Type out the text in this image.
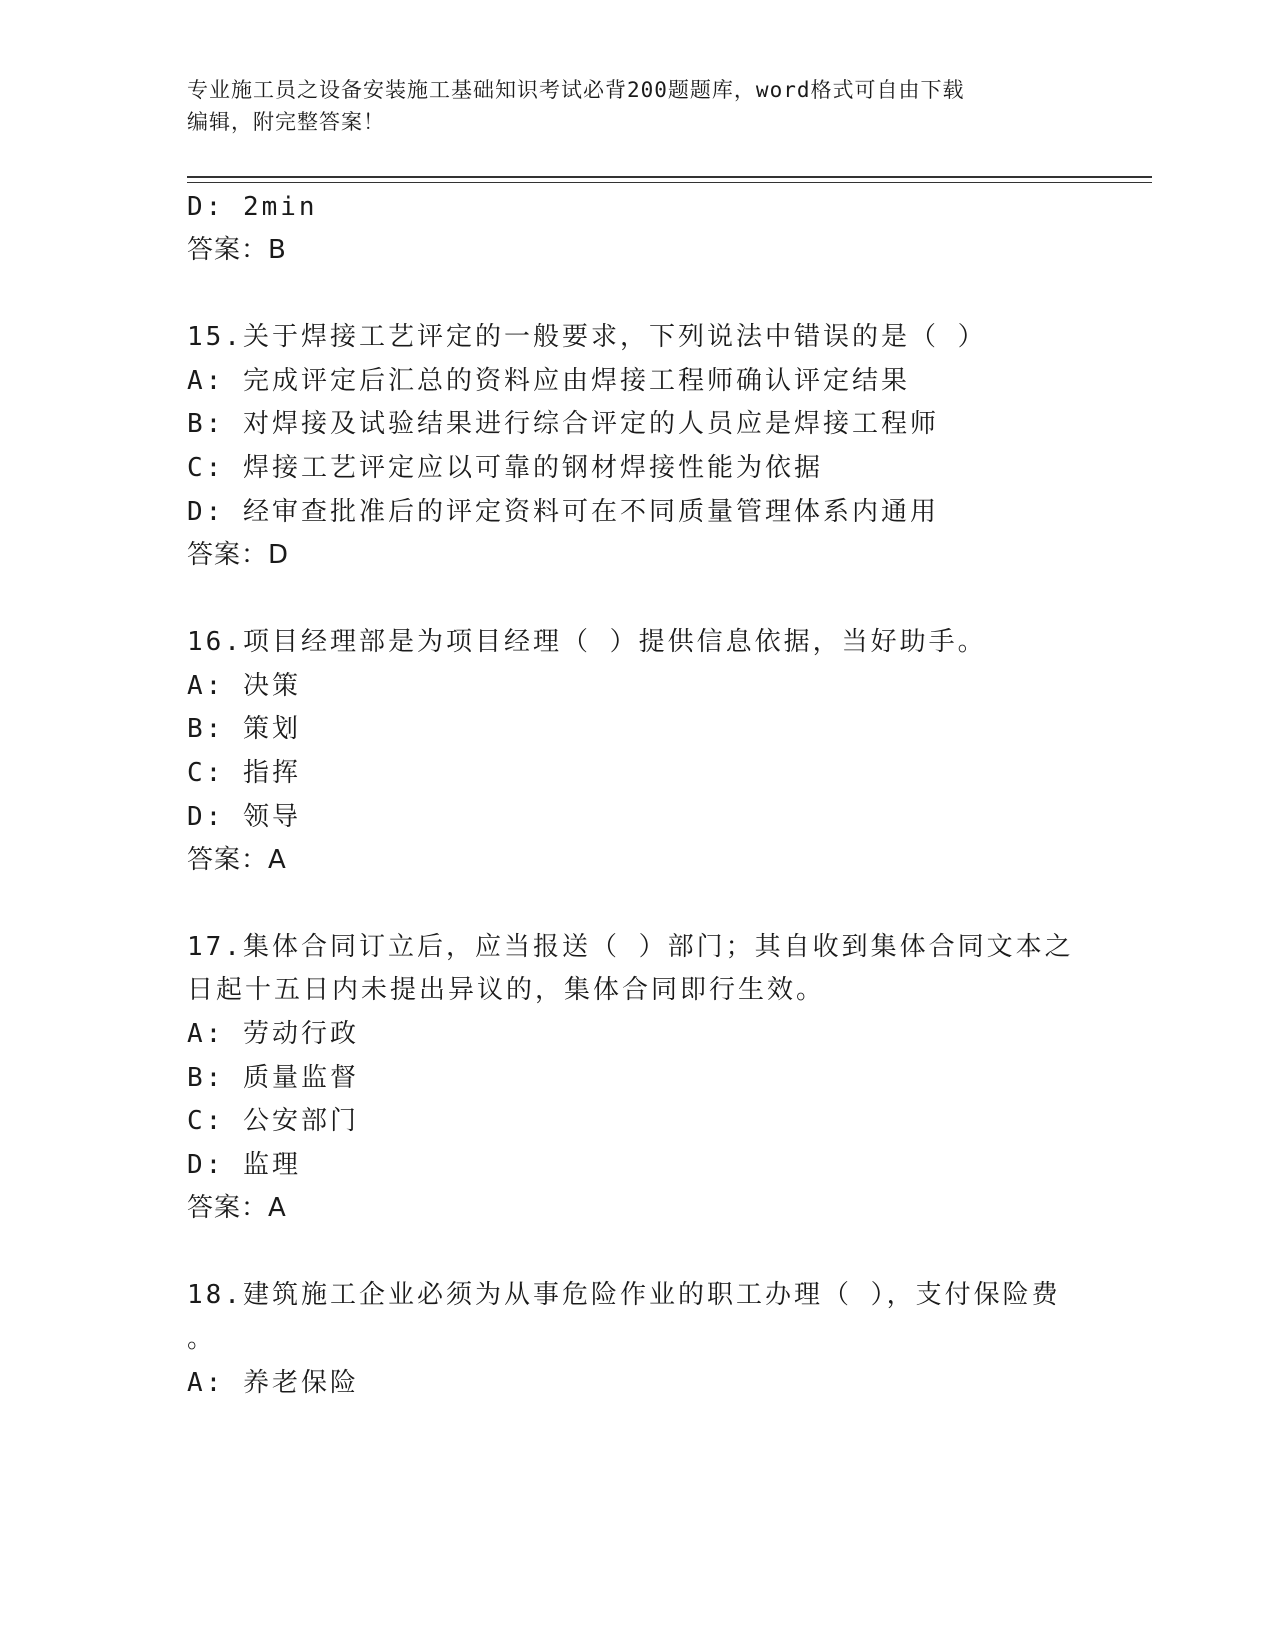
专业施工员之设备安装施工基础知识考试必背200题题库，word格式可自由下载
编辑，附完整答案！
D: 2min
答案：B
15.关于焊接工艺评定的一般要求，下列说法中错误的是（ ）
A: 完成评定后汇总的资料应由焊接工程师确认评定结果
B: 对焊接及试验结果进行综合评定的人员应是焊接工程师
C: 焊接工艺评定应以可靠的钢材焊接性能为依据
D: 经审查批准后的评定资料可在不同质量管理体系内通用
答案：D
16.项目经理部是为项目经理（ ）提供信息依据，当好助手。
A: 决策
B: 策划
C: 指挥
D: 领导
答案：A
17.集体合同订立后，应当报送（ ）部门；其自收到集体合同文本之
日起十五日内未提出异议的，集体合同即行生效。
A: 劳动行政
B: 质量监督
C: 公安部门
D: 监理
答案：A
18.建筑施工企业必须为从事危险作业的职工办理（ ），支付保险费
。
A: 养老保险
